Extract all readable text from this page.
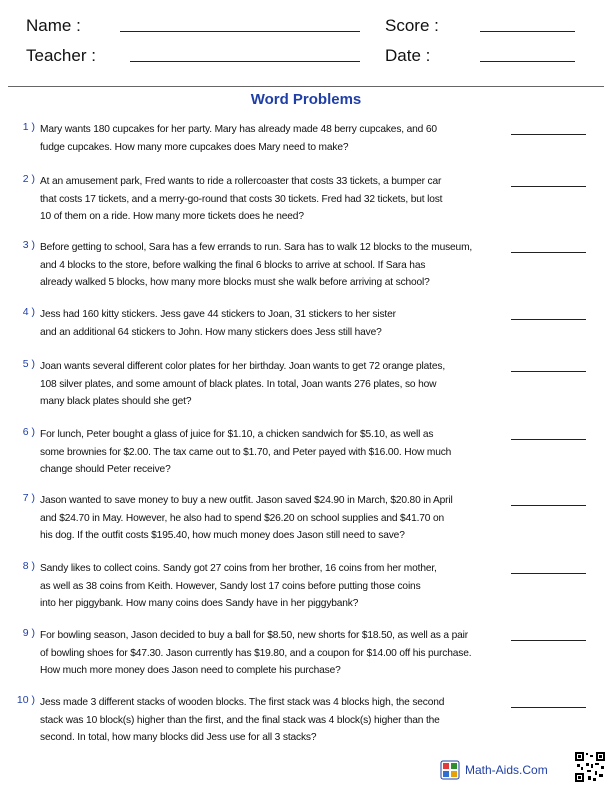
Name :	Score :
Teacher :	Date :
Word Problems
1 ) Mary wants 180 cupcakes for her party. Mary has already made 48 berry cupcakes, and 60
fudge cupcakes. How many more cupcakes does Mary need to make?
2 ) At an amusement park, Fred wants to ride a rollercoaster that costs 33 tickets, a bumper car
that costs 17 tickets, and a merry-go-round that costs 30 tickets. Fred had 32 tickets, but lost
10 of them on a ride. How many more tickets does he need?
3 ) Before getting to school, Sara has a few errands to run. Sara has to walk 12 blocks to the museum,
and 4 blocks to the store, before walking the final 6 blocks to arrive at school. If Sara has
already walked 5 blocks, how many more blocks must she walk before arriving at school?
4 ) Jess had 160 kitty stickers. Jess gave 44 stickers to Joan, 31 stickers to her sister
and an additional 64 stickers to John. How many stickers does Jess still have?
5 ) Joan wants several different color plates for her birthday. Joan wants to get 72 orange plates,
108 silver plates, and some amount of black plates. In total, Joan wants 276 plates, so how
many black plates should she get?
6 ) For lunch, Peter bought a glass of juice for $1.10, a chicken sandwich for $5.10, as well as
some brownies for $2.00. The tax came out to $1.70, and Peter payed with $16.00. How much
change should Peter receive?
7 ) Jason wanted to save money to buy a new outfit. Jason saved $24.90 in March, $20.80 in April
and $24.70 in May. However, he also had to spend $26.20 on school supplies and $41.70 on
his dog. If the outfit costs $195.40, how much money does Jason still need to save?
8 ) Sandy likes to collect coins. Sandy got 27 coins from her brother, 16 coins from her mother,
as well as 38 coins from Keith. However, Sandy lost 17 coins before putting those coins
into her piggybank. How many coins does Sandy have in her piggybank?
9 ) For bowling season, Jason decided to buy a ball for $8.50, new shorts for $18.50, as well as a pair
of bowling shoes for $47.30. Jason currently has $19.80, and a coupon for $14.00 off his purchase.
How much more money does Jason need to complete his purchase?
10 ) Jess made 3 different stacks of wooden blocks. The first stack was 4 blocks high, the second
stack was 10 block(s) higher than the first, and the final stack was 4 block(s) higher than the
second. In total, how many blocks did Jess use for all 3 stacks?
Math-Aids.Com
